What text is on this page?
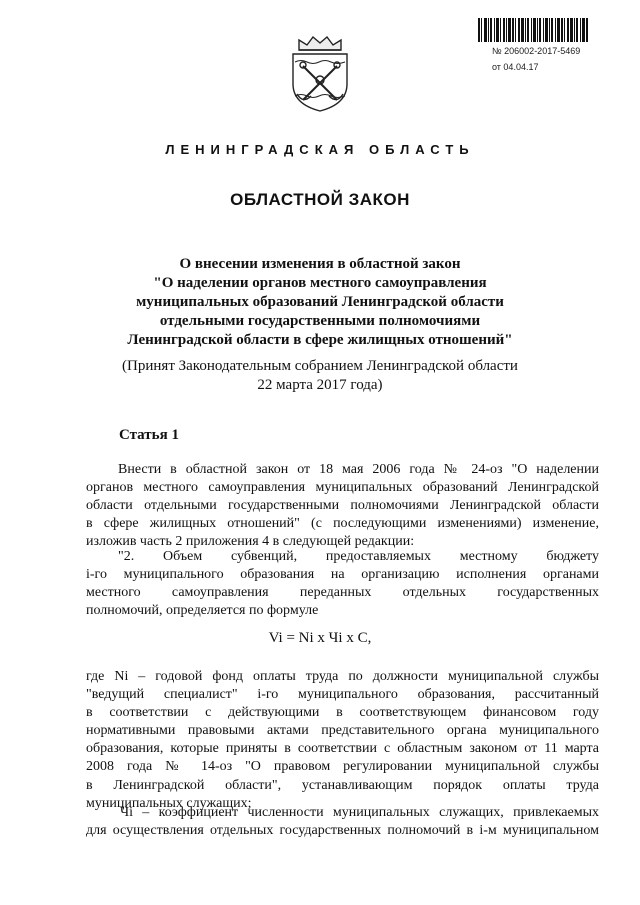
№ 206002-2017-5469
от 04.04.17
ЛЕНИНГРАДСКАЯ ОБЛАСТЬ
ОБЛАСТНОЙ ЗАКОН
О внесении изменения в областной закон
"О наделении органов местного самоуправления
муниципальных образований Ленинградской области
отдельными государственными полномочиями
Ленинградской области в сфере жилищных отношений"
(Принят Законодательным собранием Ленинградской области
22 марта 2017 года)
Статья 1
Внести в областной закон от 18 мая 2006 года № 24-оз "О наделении
органов местного самоуправления муниципальных образований Ленинградской
области отдельными государственными полномочиями Ленинградской области
в сфере жилищных отношений" (с последующими изменениями) изменение,
изложив часть 2 приложения 4 в следующей редакции:
"2. Объем субвенций, предоставляемых местному бюджету
i-го муниципального образования на организацию исполнения органами
местного самоуправления переданных отдельных государственных
полномочий, определяется по формуле
Vi = Ni x Чi x C,
где Ni – годовой фонд оплаты труда по должности муниципальной службы
"ведущий специалист" i-го муниципального образования, рассчитанный
в соответствии с действующими в соответствующем финансовом году
нормативными правовыми актами представительного органа муниципального
образования, которые приняты в соответствии с областным законом от 11 марта
2008 года № 14-оз "О правовом регулировании муниципальной службы
в Ленинградской области", устанавливающим порядок оплаты труда
муниципальных служащих;
Чi – коэффициент численности муниципальных служащих, привлекаемых
для осуществления отдельных государственных полномочий в i-м муниципальном
